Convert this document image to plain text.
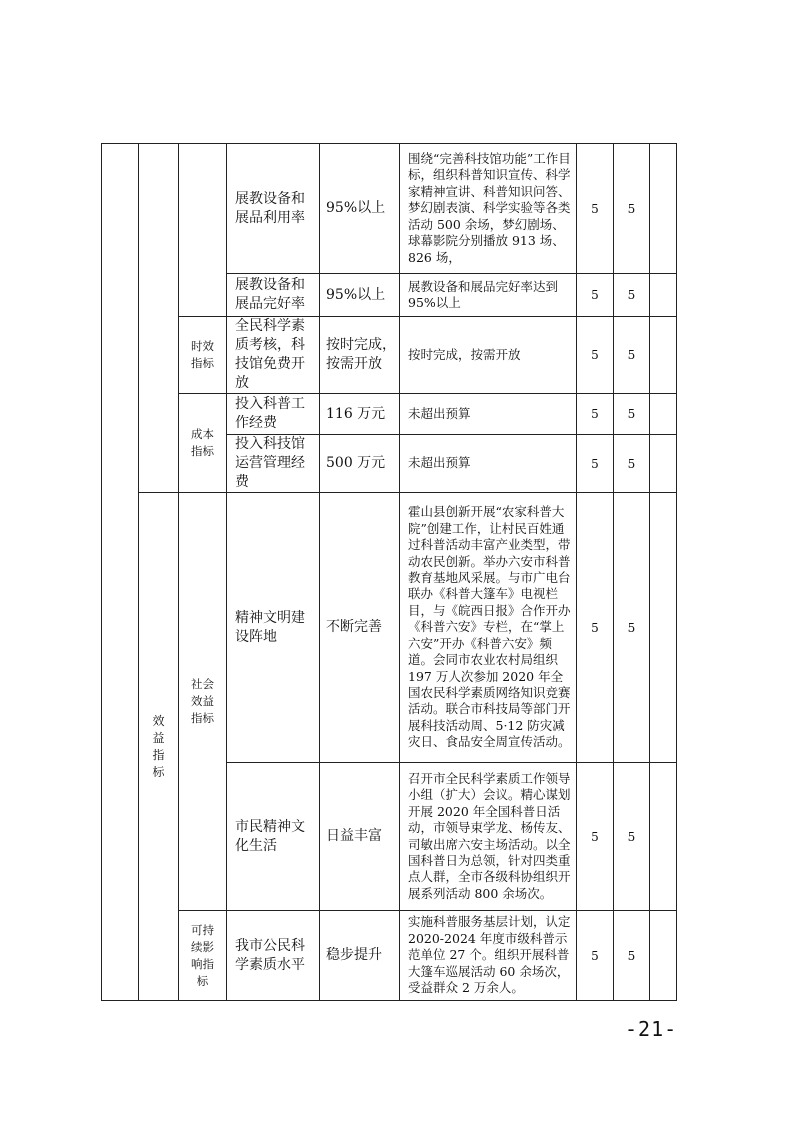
			展教设备和展品利用率	95%以上	围绕“完善科技馆功能”工作目标，组织科普知识宣传、科学家精神宣讲、科普知识问答、梦幻剧表演、科学实验等各类活动 500 余场，梦幻剧场、球幕影院分别播放 913 场、826 场，	5	5	
			展教设备和展品完好率	95%以上	展教设备和展品完好率达到 95%以上	5	5	
		时效指标	全民科学素质考核，科技馆免费开放	按时完成，按需开放	按时完成，按需开放	5	5	
		成本指标	投入科普工作经费	116 万元	未超出预算	5	5	
			投入科技馆运营管理经费	500 万元	未超出预算	5	5	
	效益指标	社会效益指标	精神文明建设阵地	不断完善	霍山县创新开展“农家科普大院”创建工作，让村民百姓通过科普活动丰富产业类型，带动农民创新。举办六安市科普教育基地风采展。与市广电台联办《科普大篷车》电视栏目，与《皖西日报》合作开办《科普六安》专栏，在“掌上六安”开办《科普六安》频道。会同市农业农村局组织 197 万人次参加 2020 年全国农民科学素质网络知识竞赛活动。联合市科技局等部门开展科技活动周、5·12 防灾减灾日、食品安全周宣传活动。	5	5	
			市民精神文化生活	日益丰富	召开市全民科学素质工作领导小组（扩大）会议。精心谋划开展 2020 年全国科普日活动，市领导束学龙、杨传友、司敏出席六安主场活动。以全国科普日为总领，针对四类重点人群，全市各级科协组织开展系列活动 800 余场次。	5	5	
		可持续影响指标	我市公民科学素质水平	稳步提升	实施科普服务基层计划，认定 2020-2024 年度市级科普示范单位 27 个。组织开展科普大篷车巡展活动 60 余场次，受益群众 2 万余人。	5	5	
-21-
